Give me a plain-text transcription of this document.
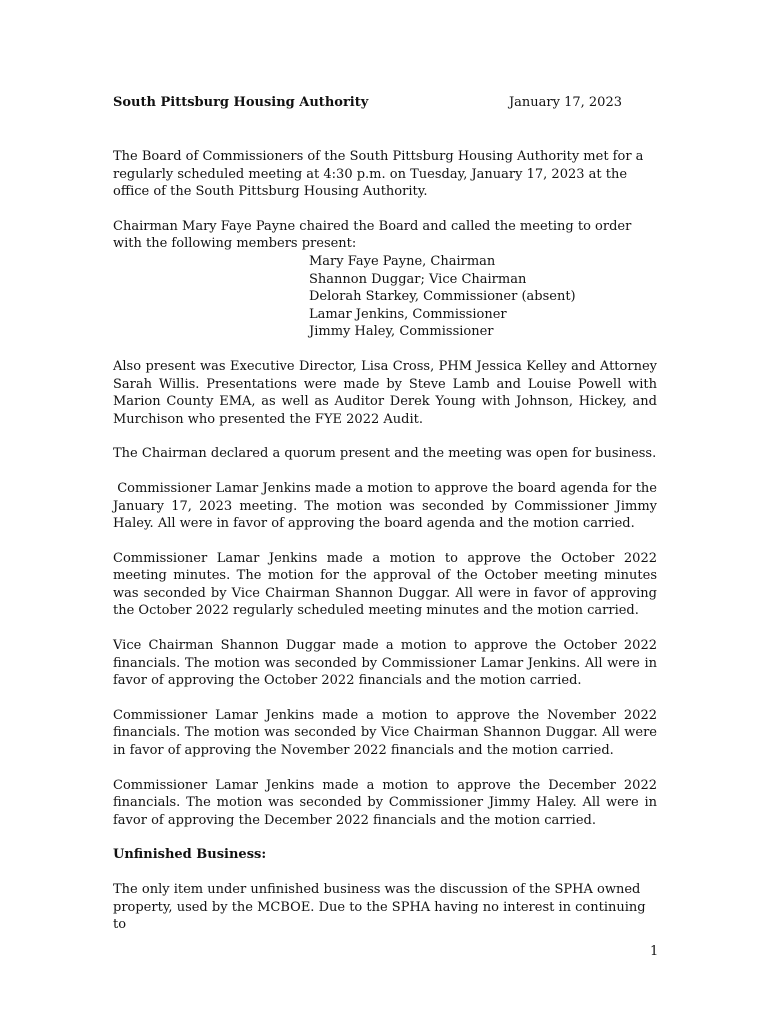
South Pittsburg Housing Authority	January 17, 2023

The Board of Commissioners of the South Pittsburg Housing Authority met for a regularly scheduled meeting at 4:30 p.m. on Tuesday, January 17, 2023 at the office of the South Pittsburg Housing Authority.

Chairman Mary Faye Payne chaired the Board and called the meeting to order with the following members present:

Mary Faye Payne, Chairman
Shannon Duggar; Vice Chairman
Delorah Starkey, Commissioner (absent)
Lamar Jenkins, Commissioner
Jimmy Haley, Commissioner

Also present was Executive Director, Lisa Cross, PHM Jessica Kelley and Attorney Sarah Willis. Presentations were made by Steve Lamb and Louise Powell with Marion County EMA, as well as Auditor Derek Young with Johnson, Hickey, and Murchison who presented the FYE 2022 Audit.

The Chairman declared a quorum present and the meeting was open for business.

Commissioner Lamar Jenkins made a motion to approve the board agenda for the January 17, 2023 meeting. The motion was seconded by Commissioner Jimmy Haley. All were in favor of approving the board agenda and the motion carried.

Commissioner Lamar Jenkins made a motion to approve the October 2022 meeting minutes. The motion for the approval of the October meeting minutes was seconded by Vice Chairman Shannon Duggar. All were in favor of approving the October 2022 regularly scheduled meeting minutes and the motion carried.

Vice Chairman Shannon Duggar made a motion to approve the October 2022 financials. The motion was seconded by Commissioner Lamar Jenkins. All were in favor of approving the October 2022 financials and the motion carried.

Commissioner Lamar Jenkins made a motion to approve the November 2022 financials. The motion was seconded by Vice Chairman Shannon Duggar. All were in favor of approving the November 2022 financials and the motion carried.

Commissioner Lamar Jenkins made a motion to approve the December 2022 financials. The motion was seconded by Commissioner Jimmy Haley. All were in favor of approving the December 2022 financials and the motion carried.

Unfinished Business:

The only item under unfinished business was the discussion of the SPHA owned property, used by the MCBOE. Due to the SPHA having no interest in continuing to

1
